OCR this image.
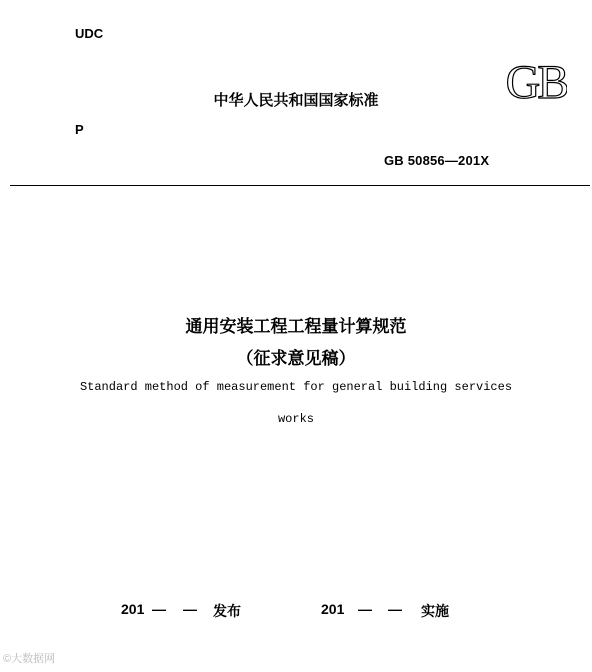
UDC
GB
中华人民共和国国家标准
P
GB 50856—201X
通用安装工程工程量计算规范
（征求意见稿）
Standard method of measurement for general building services
works
201 — — 发布	201 — — 实施
©大数据网
